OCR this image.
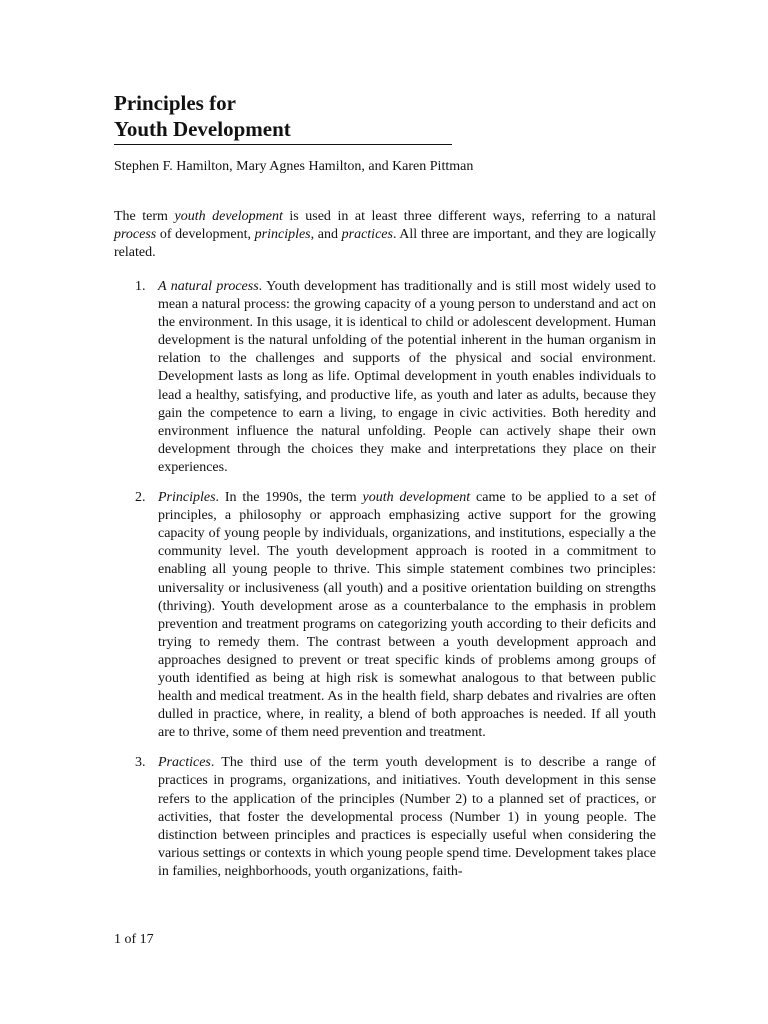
Principles for
Youth Development

Stephen F. Hamilton, Mary Agnes Hamilton, and Karen Pittman

The term youth development is used in at least three different ways, referring to a natural process of development, principles, and practices. All three are important, and they are logically related.

1. A natural process. Youth development has traditionally and is still most widely used to mean a natural process: the growing capacity of a young person to understand and act on the environment. In this usage, it is identical to child or adolescent development. Human development is the natural unfolding of the potential inherent in the human organism in relation to the challenges and supports of the physical and social environment. Development lasts as long as life. Optimal development in youth enables individuals to lead a healthy, satisfying, and productive life, as youth and later as adults, because they gain the competence to earn a living, to engage in civic activities. Both heredity and environment influence the natural unfolding. People can actively shape their own development through the choices they make and interpretations they place on their experiences.
2. Principles. In the 1990s, the term youth development came to be applied to a set of principles, a philosophy or approach emphasizing active support for the growing capacity of young people by individuals, organizations, and institutions, especially a the community level. The youth development approach is rooted in a commitment to enabling all young people to thrive. This simple statement combines two principles: universality or inclusiveness (all youth) and a positive orientation building on strengths (thriving). Youth development arose as a counterbalance to the emphasis in problem prevention and treatment programs on categorizing youth according to their deficits and trying to remedy them. The contrast between a youth development approach and approaches designed to prevent or treat specific kinds of problems among groups of youth identified as being at high risk is somewhat analogous to that between public health and medical treatment. As in the health field, sharp debates and rivalries are often dulled in practice, where, in reality, a blend of both approaches is needed. If all youth are to thrive, some of them need prevention and treatment.
3. Practices. The third use of the term youth development is to describe a range of practices in programs, organizations, and initiatives. Youth development in this sense refers to the application of the principles (Number 2) to a planned set of practices, or activities, that foster the developmental process (Number 1) in young people. The distinction between principles and practices is especially useful when considering the various settings or contexts in which young people spend time. Development takes place in families, neighborhoods, youth organizations, faith-

1 of 17
